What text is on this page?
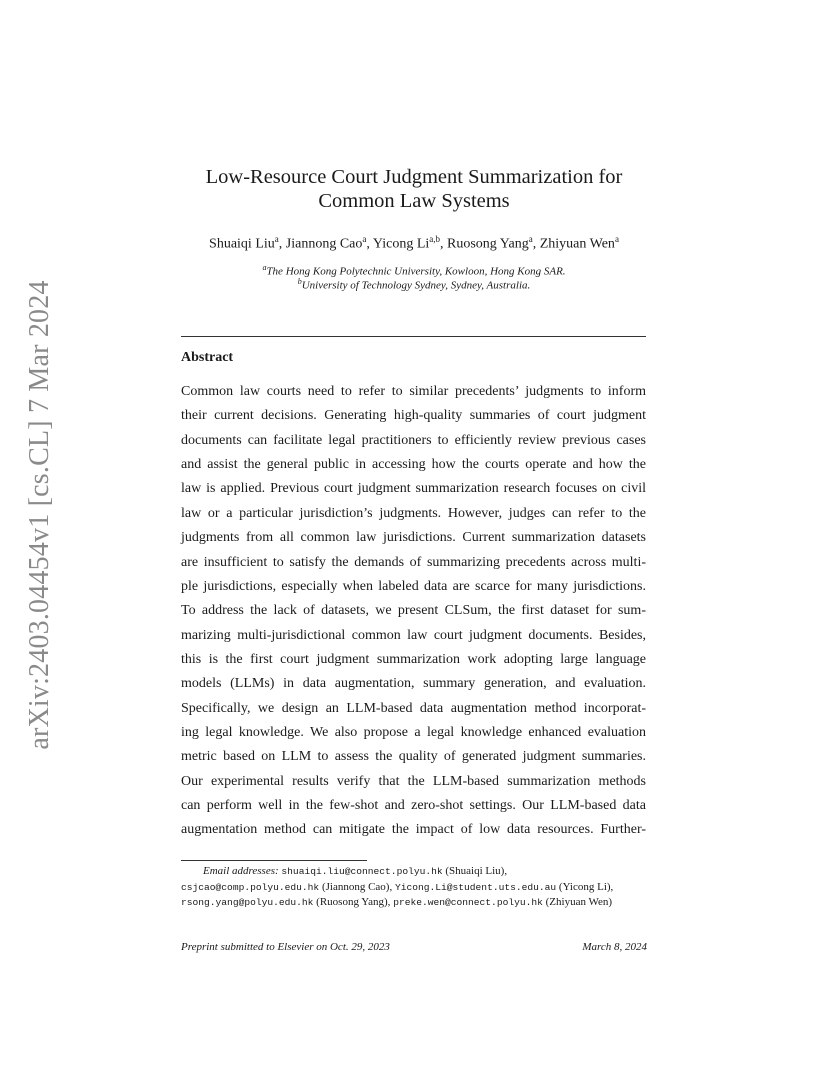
arXiv:2403.04454v1 [cs.CL] 7 Mar 2024
Low-Resource Court Judgment Summarization for
Common Law Systems
Shuaiqi Liu$^a$, Jiannong Cao$^a$, Yicong Li$^{a,b}$, Ruosong Yang$^a$, Zhiyuan Wen$^a$
$^a$The Hong Kong Polytechnic University, Kowloon, Hong Kong SAR.
$^b$University of Technology Sydney, Sydney, Australia.
Abstract
Common law courts need to refer to similar precedents’ judgments to inform
their current decisions. Generating high-quality summaries of court judgment
documents can facilitate legal practitioners to efficiently review previous cases
and assist the general public in accessing how the courts operate and how the
law is applied. Previous court judgment summarization research focuses on civil
law or a particular jurisdiction’s judgments. However, judges can refer to the
judgments from all common law jurisdictions. Current summarization datasets
are insufficient to satisfy the demands of summarizing precedents across multi-
ple jurisdictions, especially when labeled data are scarce for many jurisdictions.
To address the lack of datasets, we present CLSum, the first dataset for sum-
marizing multi-jurisdictional common law court judgment documents. Besides,
this is the first court judgment summarization work adopting large language
models (LLMs) in data augmentation, summary generation, and evaluation.
Specifically, we design an LLM-based data augmentation method incorporat-
ing legal knowledge. We also propose a legal knowledge enhanced evaluation
metric based on LLM to assess the quality of generated judgment summaries.
Our experimental results verify that the LLM-based summarization methods
can perform well in the few-shot and zero-shot settings. Our LLM-based data
augmentation method can mitigate the impact of low data resources. Further-
Email addresses: shuaiqi.liu@connect.polyu.hk (Shuaiqi Liu),
csjcao@comp.polyu.edu.hk (Jiannong Cao), Yicong.Li@student.uts.edu.au (Yicong Li),
rsong.yang@polyu.edu.hk (Ruosong Yang), preke.wen@connect.polyu.hk (Zhiyuan Wen)
Preprint submitted to Elsevier on Oct. 29, 2023	March 8, 2024
